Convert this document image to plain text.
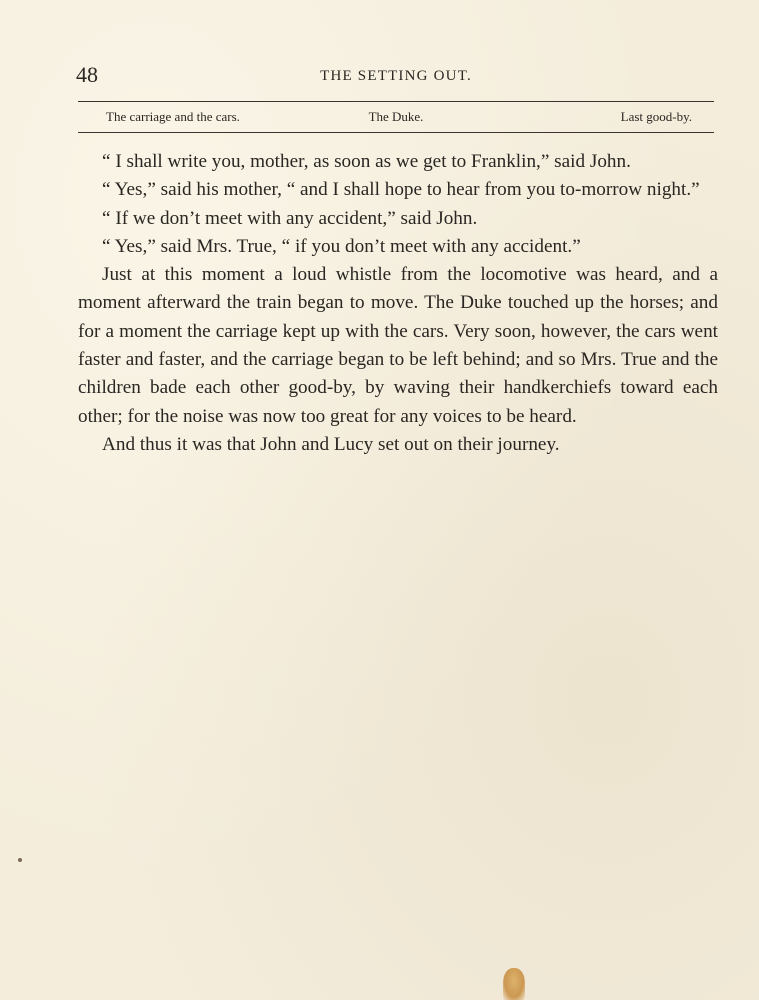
48	THE SETTING OUT.
The carriage and the cars.	The Duke.	Last good-by.

“ I shall write you, mother, as soon as we get to Franklin,” said John.

“ Yes,” said his mother, “ and I shall hope to hear from you to-morrow night.”

“ If we don’t meet with any accident,” said John.

“ Yes,” said Mrs. True, “ if you don’t meet with any accident.”

Just at this moment a loud whistle from the locomotive was heard, and a moment afterward the train began to move. The Duke touched up the horses; and for a moment the carriage kept up with the cars. Very soon, however, the cars went faster and faster, and the carriage began to be left behind; and so Mrs. True and the children bade each other good-by, by waving their handkerchiefs toward each other; for the noise was now too great for any voices to be heard.

And thus it was that John and Lucy set out on their journey.
